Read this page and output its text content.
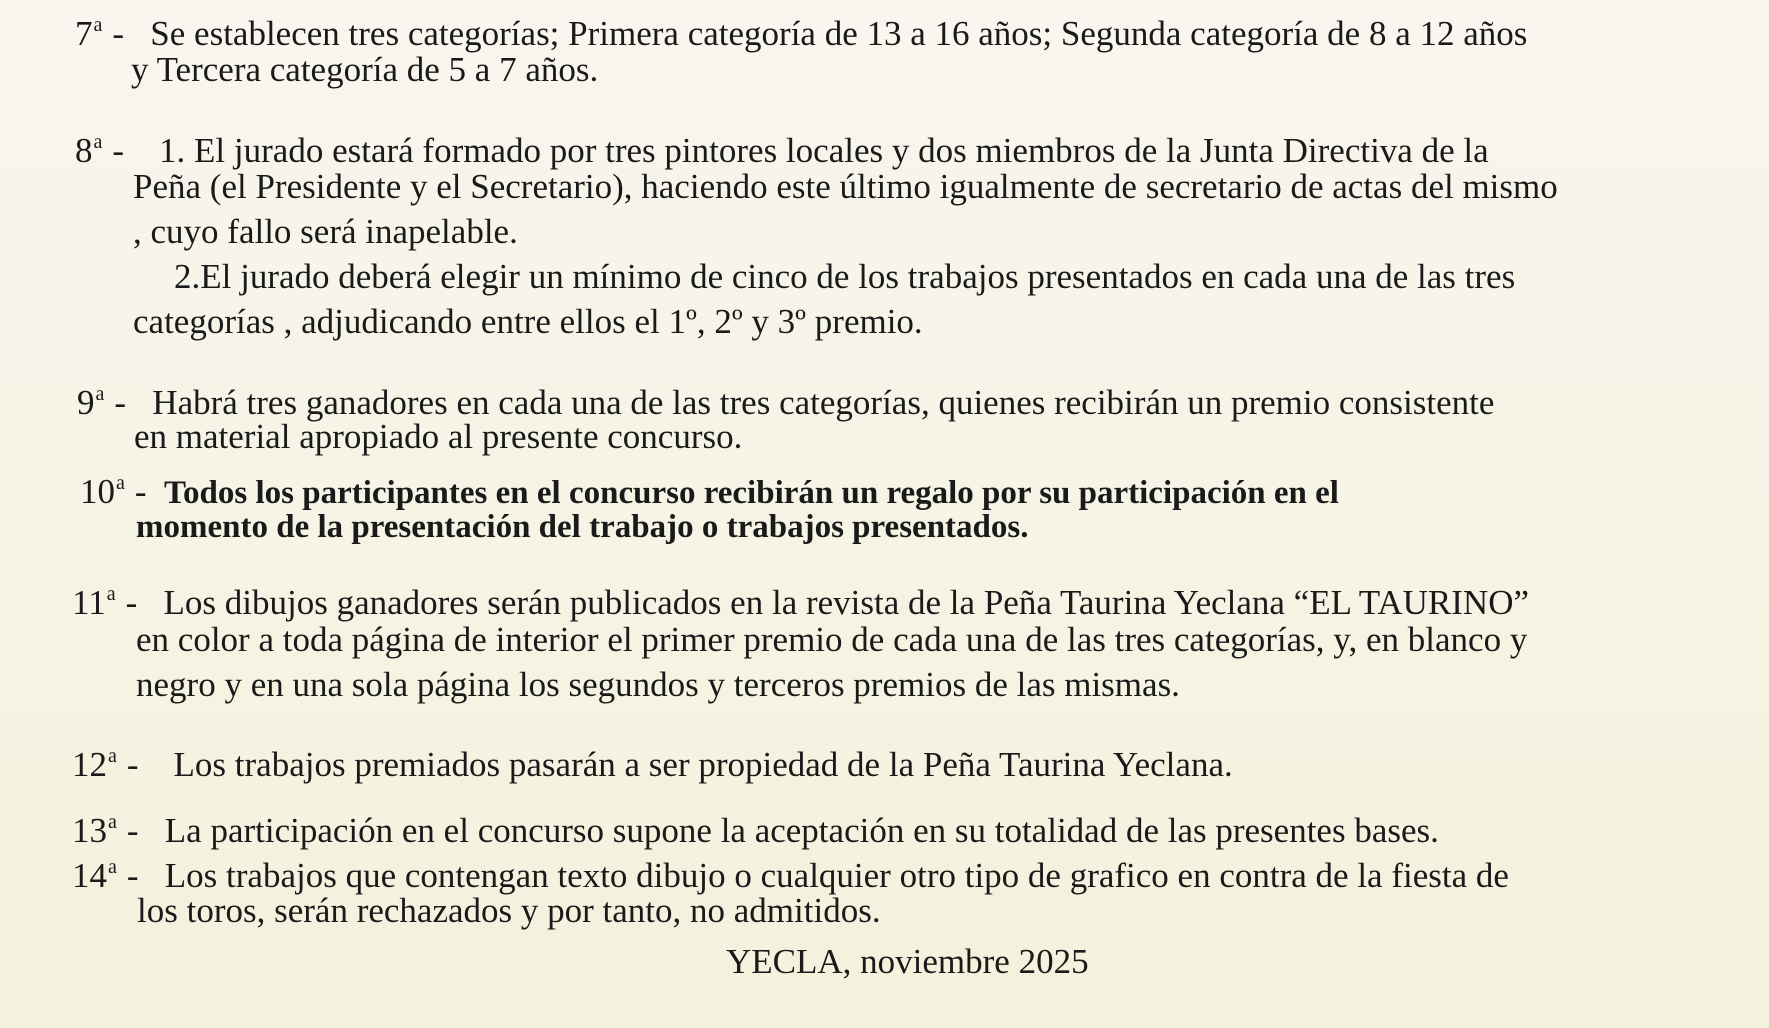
7$^a$ - Se establecen tres categorías; Primera categoría de 13 a 16 años; Segunda categoría de 8 a 12 años
y Tercera categoría de 5 a 7 años.
8$^a$ - 1. El jurado estará formado por tres pintores locales y dos miembros de la Junta Directiva de la
Peña (el Presidente y el Secretario), haciendo este último igualmente de secretario de actas del mismo
, cuyo fallo será inapelable.
2.El jurado deberá elegir un mínimo de cinco de los trabajos presentados en cada una de las tres
categorías , adjudicando entre ellos el 1º, 2º y 3º premio.
9$^a$ - Habrá tres ganadores en cada una de las tres categorías, quienes recibirán un premio consistente
en material apropiado al presente concurso.
10$^a$ - Todos los participantes en el concurso recibirán un regalo por su participación en el
momento de la presentación del trabajo o trabajos presentados.
11$^a$ - Los dibujos ganadores serán publicados en la revista de la Peña Taurina Yeclana “EL TAURINO”
en color a toda página de interior el primer premio de cada una de las tres categorías, y, en blanco y
negro y en una sola página los segundos y terceros premios de las mismas.
12$^a$ - Los trabajos premiados pasarán a ser propiedad de la Peña Taurina Yeclana.
13$^a$ - La participación en el concurso supone la aceptación en su totalidad de las presentes bases.
14$^a$ - Los trabajos que contengan texto dibujo o cualquier otro tipo de grafico en contra de la fiesta de
los toros, serán rechazados y por tanto, no admitidos.
YECLA, noviembre 2025
